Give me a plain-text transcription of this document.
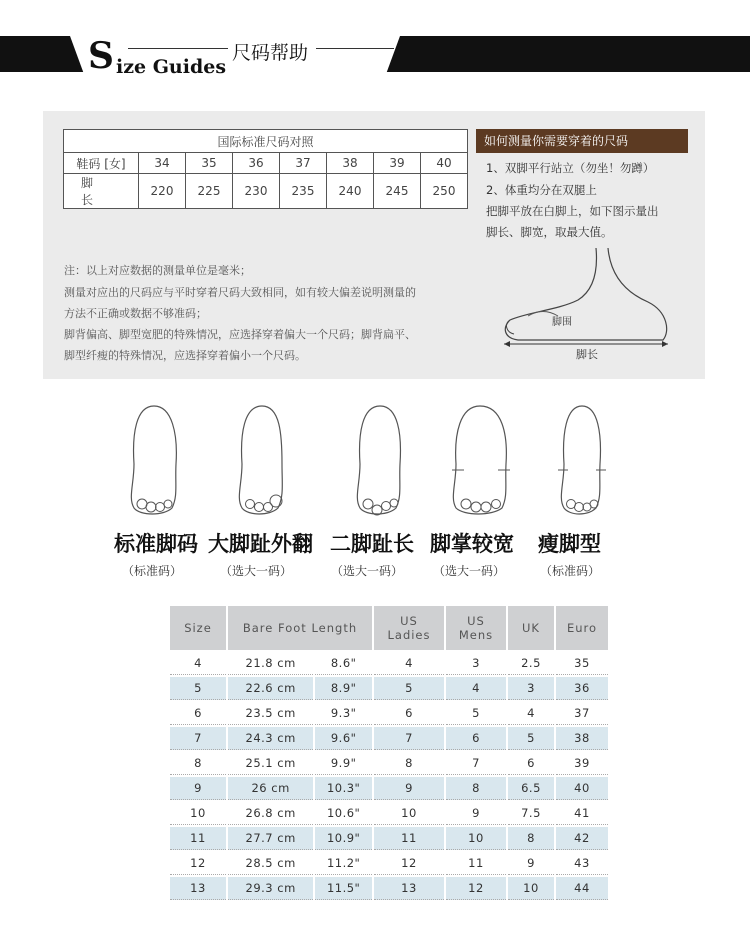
S ize Guides
尺码帮助
国际标准尺码对照							
鞋码 [女]	34	35	36	37	38	39	40
脚长	220	225	230	235	240	245	250
注：以上对应数据的测量单位是毫米；
测量对应出的尺码应与平时穿着尺码大致相同，如有较大偏差说明测量的
方法不正确或数据不够准码；
脚背偏高、脚型宽肥的特殊情况，应选择穿着偏大一个尺码；脚背扁平、
脚型纤瘦的特殊情况，应选择穿着偏小一个尺码。
如何测量你需要穿着的尺码
1、双脚平行站立（勿坐！勿蹲）
2、体重均分在双腿上
把脚平放在白脚上，如下图示量出
脚长、脚宽，取最大值。
脚围
脚长
标准脚码 大脚趾外翻 二脚趾长 脚掌较宽 瘦脚型
（标准码）	（选大一码）	（选大一码） （选大一码）	（标准码）
Size	Bare Foot Length		US Ladies	US Mens	UK	Euro
4	21.8 cm	8.6"	4	3	2.5	35
5	22.6 cm	8.9"	5	4	3	36
6	23.5 cm	9.3"	6	5	4	37
7	24.3 cm	9.6"	7	6	5	38
8	25.1 cm	9.9"	8	7	6	39
9	26 cm	10.3"	9	8	6.5	40
10	26.8 cm	10.6"	10	9	7.5	41
11	27.7 cm	10.9"	11	10	8	42
12	28.5 cm	11.2"	12	11	9	43
13	29.3 cm	11.5"	13	12	10	44
